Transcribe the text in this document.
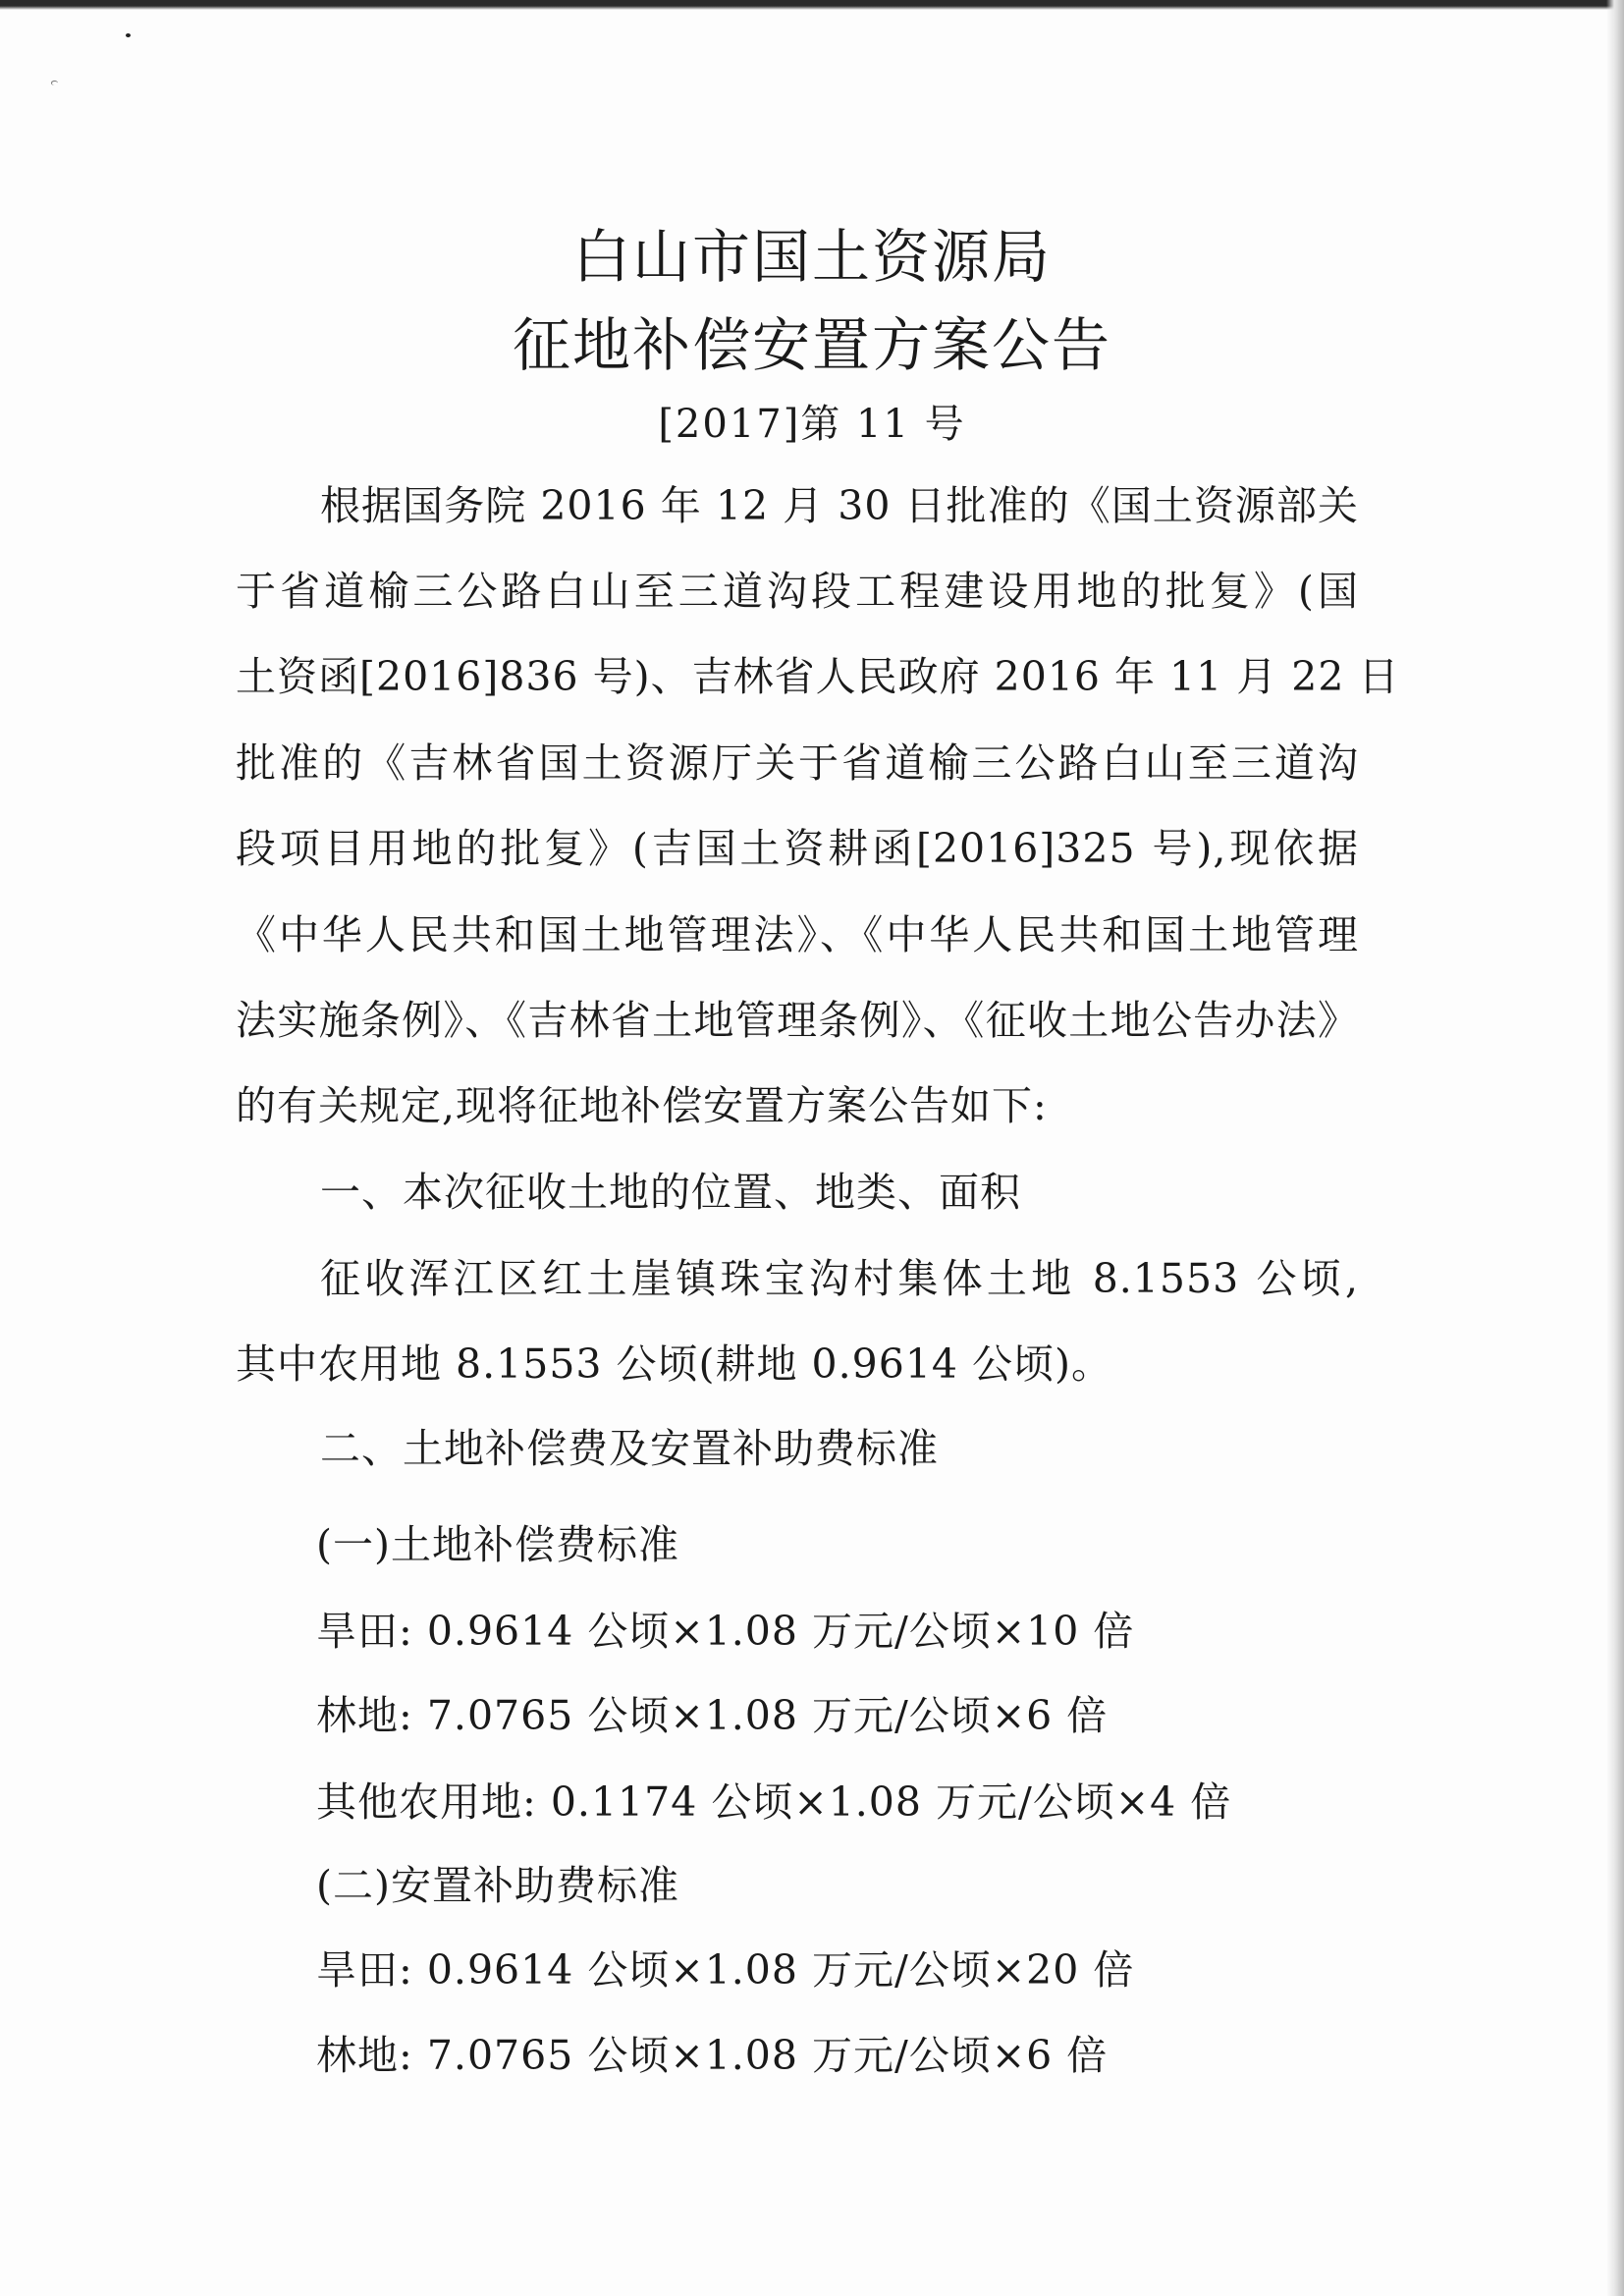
白山市国土资源局
征地补偿安置方案公告
[2017]第 11 号
根据国务院 2016 年 12 月 30 日批准的《国土资源部关
于省道榆三公路白山至三道沟段工程建设用地的批复》(国
土资函[2016]836 号)、吉林省人民政府 2016 年 11 月 22 日
批准的《吉林省国土资源厅关于省道榆三公路白山至三道沟
段项目用地的批复》(吉国土资耕函[2016]325 号),现依据
《中华人民共和国土地管理法》、《中华人民共和国土地管理
法实施条例》、《吉林省土地管理条例》、《征收土地公告办法》
的有关规定,现将征地补偿安置方案公告如下:
一、本次征收土地的位置、地类、面积
征收浑江区红土崖镇珠宝沟村集体土地 8.1553 公顷,
其中农用地 8.1553 公顷(耕地 0.9614 公顷)。
二、土地补偿费及安置补助费标准
(一)土地补偿费标准
旱田: 0.9614 公顷×1.08 万元/公顷×10 倍
林地: 7.0765 公顷×1.08 万元/公顷×6 倍
其他农用地: 0.1174 公顷×1.08 万元/公顷×4 倍
(二)安置补助费标准
旱田: 0.9614 公顷×1.08 万元/公顷×20 倍
林地: 7.0765 公顷×1.08 万元/公顷×6 倍
